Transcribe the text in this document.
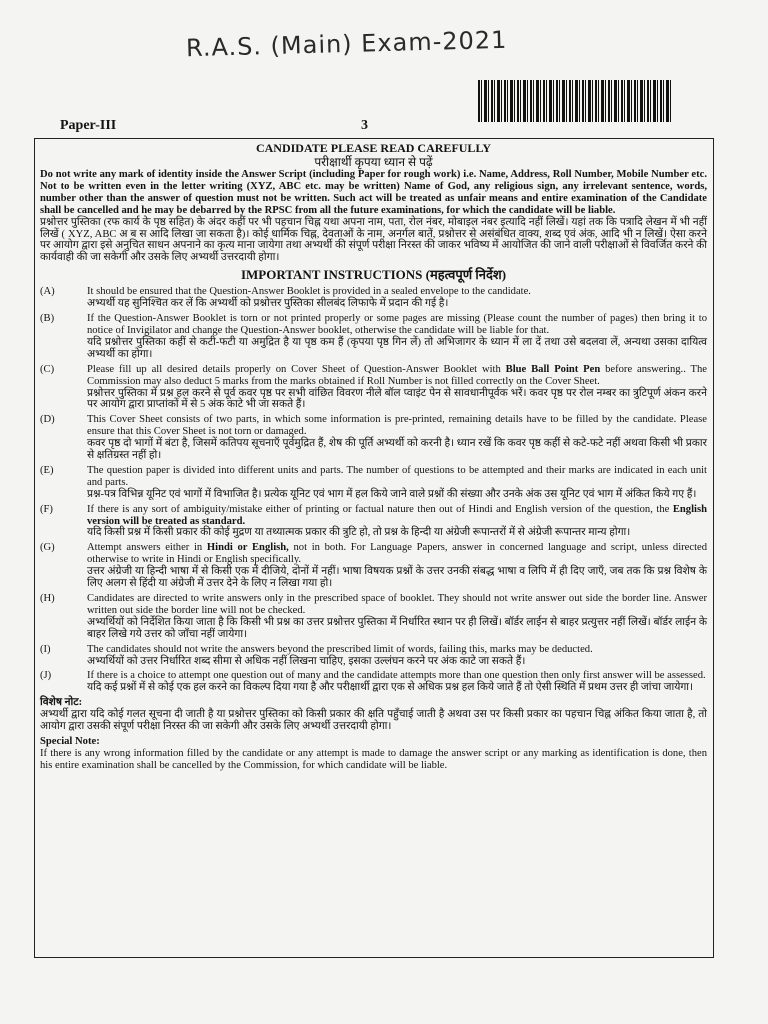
R.A.S. (Main) Exam-2021
Paper-III	3
CANDIDATE PLEASE READ CAREFULLY
परीक्षार्थी कृपया ध्यान से पढ़ें
Do not write any mark of identity inside the Answer Script (including Paper for rough work) i.e. Name, Address, Roll Number, Mobile Number etc. Not to be written even in the letter writing (XYZ, ABC etc. may be written) Name of God, any religious sign, any irrelevant sentence, words, number other than the answer of question must not be written. Such act will be treated as unfair means and entire examination of the Candidate shall be cancelled and he may be debarred by the RPSC from all the future examinations, for which the candidate will be liable.
प्रश्नोत्तर पुस्तिका (रफ कार्य के पृष्ठ सहित) के अंदर कहीं पर भी पहचान चिह्न यथा अपना नाम, पता, रोल नंबर, मोबाइल नंबर इत्यादि नहीं लिखें। यहां तक कि पत्रादि लेखन में भी नहीं लिखें ( XYZ, ABC अ ब स आदि लिखा जा सकता है)। कोई धार्मिक चिह्न, देवताओं के नाम, अनर्गल बातें, प्रश्नोत्तर से असंबंधित वाक्य, शब्द एवं अंक, आदि भी न लिखें। ऐसा करने पर आयोग द्वारा इसे अनुचित साधन अपनाने का कृत्य माना जायेगा तथा अभ्यर्थी की संपूर्ण परीक्षा निरस्त की जाकर भविष्य में आयोजित की जाने वाली परीक्षाओं से विवर्जित करने की कार्यवाही की जा सकेगी और उसके लिए अभ्यर्थी उत्तरदायी होगा।
IMPORTANT INSTRUCTIONS (महत्वपूर्ण निर्देश)
(A)	It should be ensured that the Question-Answer Booklet is provided in a sealed envelope to the candidate.
अभ्यर्थी यह सुनिश्चित कर लें कि अभ्यर्थी को प्रश्नोत्तर पुस्तिका सीलबंद लिफाफे में प्रदान की गई है।
(B)	If the Question-Answer Booklet is torn or not printed properly or some pages are missing (Please count the number of pages) then bring it to notice of Invigilator and change the Question-Answer booklet, otherwise the candidate will be liable for that.
यदि प्रश्नोत्तर पुस्तिका कहीं से कटी-फटी या अमुद्रित है या पृष्ठ कम हैं (कृपया पृष्ठ गिन लें) तो अभिजागर के ध्यान में ला दें तथा उसे बदलवा लें, अन्यथा उसका दायित्व अभ्यर्थी का होगा।
(C)	Please fill up all desired details properly on Cover Sheet of Question-Answer Booklet with Blue Ball Point Pen before answering.. The Commission may also deduct 5 marks from the marks obtained if Roll Number is not filled correctly on the Cover Sheet.
प्रश्नोत्तर पुस्तिका में प्रश्न हल करने से पूर्व कवर पृष्ठ पर सभी वांछित विवरण नीले बॉल प्वाइंट पेन से सावधानीपूर्वक भरें। कवर पृष्ठ पर रोल नम्बर का त्रुटिपूर्ण अंकन करने पर आयोग द्वारा प्राप्तांकों में से 5 अंक काटे भी जा सकते हैं।
(D)	This Cover Sheet consists of two parts, in which some information is pre-printed, remaining details have to be filled by the candidate. Please ensure that this Cover Sheet is not torn or damaged.
कवर पृष्ठ दो भागों में बंटा है, जिसमें कतिपय सूचनाएँ पूर्वमुद्रित हैं, शेष की पूर्ति अभ्यर्थी को करनी है। ध्यान रखें कि कवर पृष्ठ कहीं से कटे-फटे नहीं अथवा किसी भी प्रकार से क्षतिग्रस्त नहीं हो।
(E)	The question paper is divided into different units and parts. The number of questions to be attempted and their marks are indicated in each unit and parts.
प्रश्न-पत्र विभिन्न यूनिट एवं भागों में विभाजित है। प्रत्येक यूनिट एवं भाग में हल किये जाने वाले प्रश्नों की संख्या और उनके अंक उस यूनिट एवं भाग में अंकित किये गए हैं।
(F)	If there is any sort of ambiguity/mistake either of printing or factual nature then out of Hindi and English version of the question, the English version will be treated as standard.
यदि किसी प्रश्न में किसी प्रकार की कोई मुद्रण या तथ्यात्मक प्रकार की त्रुटि हो, तो प्रश्न के हिन्दी या अंग्रेजी रूपान्तरों में से अंग्रेजी रूपान्तर मान्य होगा।
(G)	Attempt answers either in Hindi or English, not in both. For Language Papers, answer in concerned language and script, unless directed otherwise to write in Hindi or English specifically.
उत्तर अंग्रेजी या हिन्दी भाषा में से किसी एक में दीजिये, दोनों में नहीं। भाषा विषयक प्रश्नों के उत्तर उनकी संबद्ध भाषा व लिपि में ही दिए जाएँ, जब तक कि प्रश्न विशेष के लिए अलग से हिंदी या अंग्रेजी में उत्तर देने के लिए न लिखा गया हो।
(H)	Candidates are directed to write answers only in the prescribed space of booklet. They should not write answer out side the border line. Answer written out side the border line will not be checked.
अभ्यर्थियों को निर्देशित किया जाता है कि किसी भी प्रश्न का उत्तर प्रश्नोत्तर पुस्तिका में निर्धारित स्थान पर ही लिखें। बॉर्डर लाईन से बाहर प्रत्युत्तर नहीं लिखें। बॉर्डर लाईन के बाहर लिखे गये उत्तर को जाँचा नहीं जायेगा।
(I)	The candidates should not write the answers beyond the prescribed limit of words, failing this, marks may be deducted.
अभ्यर्थियों को उत्तर निर्धारित शब्द सीमा से अधिक नहीं लिखना चाहिए, इसका उल्लंघन करने पर अंक काटे जा सकते हैं।
(J)	If there is a choice to attempt one question out of many and the candidate attempts more than one question then only first answer will be assessed.
यदि कई प्रश्नों में से कोई एक हल करने का विकल्प दिया गया है और परीक्षार्थी द्वारा एक से अधिक प्रश्न हल किये जाते हैं तो ऐसी स्थिति में प्रथम उत्तर ही जांचा जायेगा।
विशेष नोट:
अभ्यर्थी द्वारा यदि कोई गलत सूचना दी जाती है या प्रश्नोत्तर पुस्तिका को किसी प्रकार की क्षति पहुँचाई जाती है अथवा उस पर किसी प्रकार का पहचान चिह्न अंकित किया जाता है, तो आयोग द्वारा उसकी संपूर्ण परीक्षा निरस्त की जा सकेगी और उसके लिए अभ्यर्थी उत्तरदायी होगा।
Special Note:
If there is any wrong information filled by the candidate or any attempt is made to damage the answer script or any marking as identification is done, then his entire examination shall be cancelled by the Commission, for which candidate will be liable.
